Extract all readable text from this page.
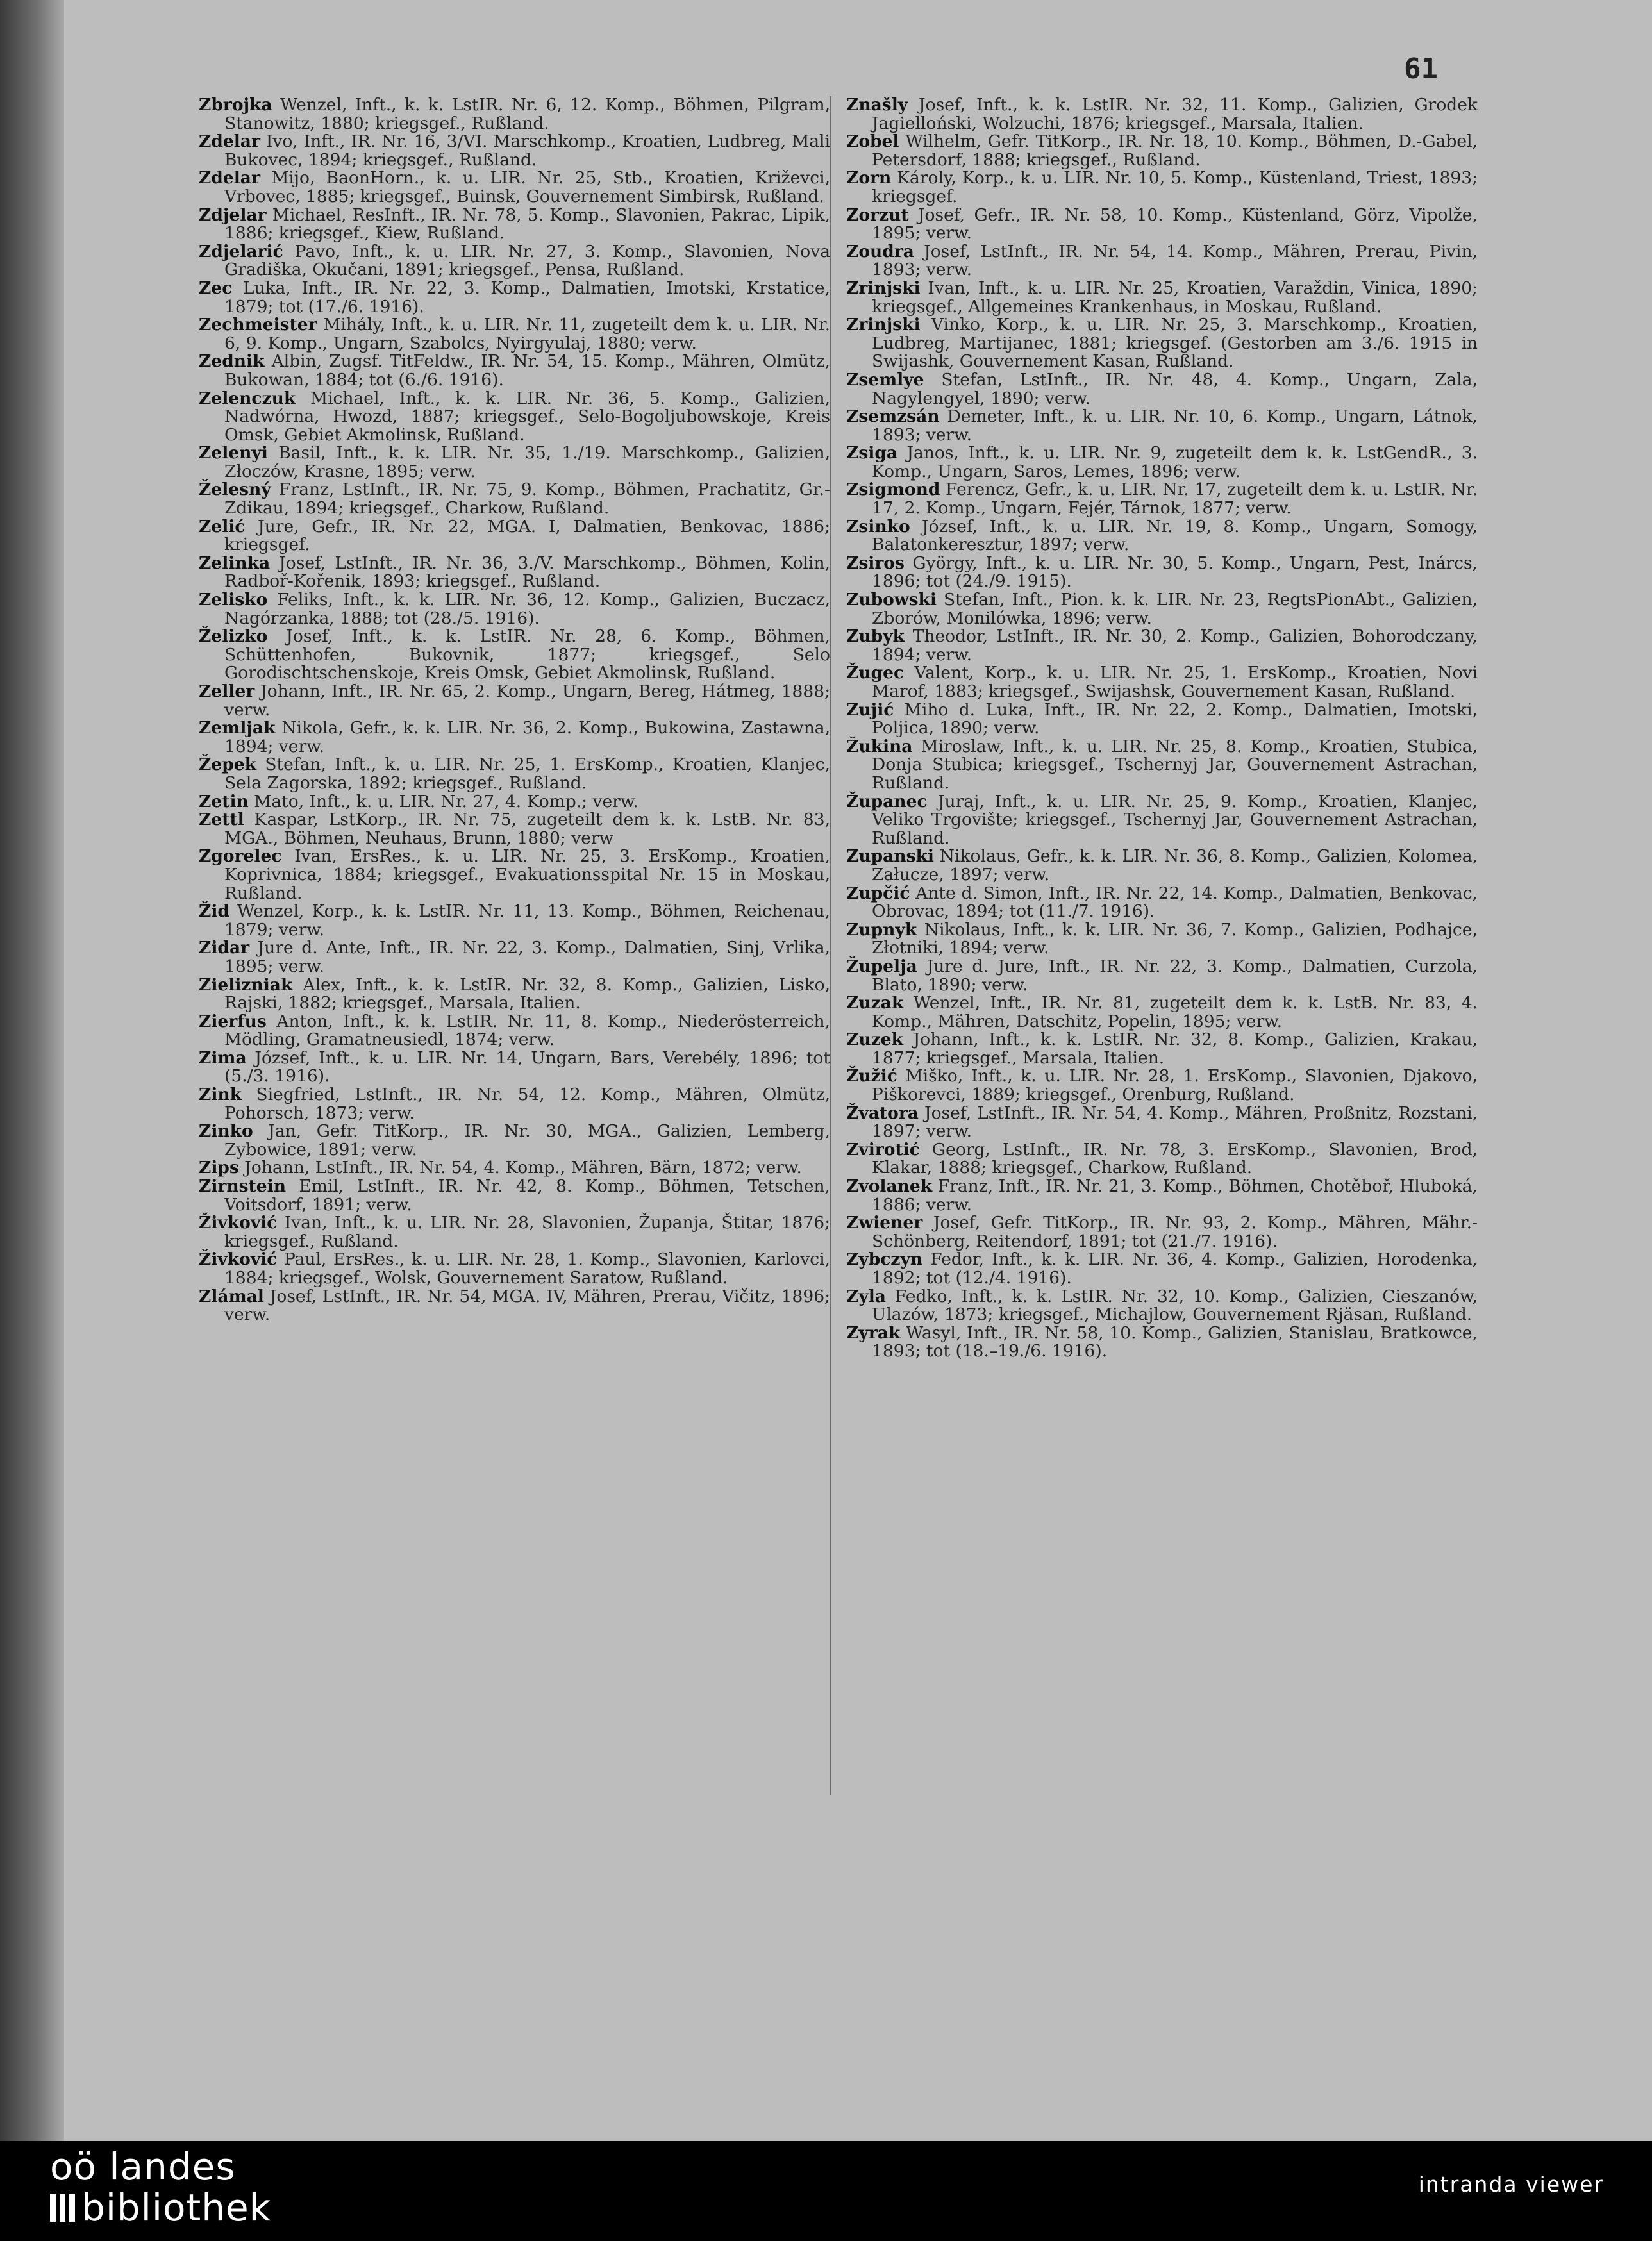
61

Zbrojka Wenzel, Inft., k. k. LstIR. Nr. 6, 12. Komp., Böhmen, Pilgram, Stanowitz, 1880; kriegsgef., Rußland.

Zdelar Ivo, Inft., IR. Nr. 16, 3/VI. Marschkomp., Kroatien, Ludbreg, Mali Bukovec, 1894; kriegsgef., Rußland.

Zdelar Mijo, BaonHorn., k. u. LIR. Nr. 25, Stb., Kroatien, Križevci, Vrbovec, 1885; kriegsgef., Buinsk, Gouvernement Simbirsk, Rußland.

Zdjelar Michael, ResInft., IR. Nr. 78, 5. Komp., Slavonien, Pakrac, Lipik, 1886; kriegsgef., Kiew, Rußland.

Zdjelarić Pavo, Inft., k. u. LIR. Nr. 27, 3. Komp., Slavonien, Nova Gradiška, Okučani, 1891; kriegsgef., Pensa, Rußland.

Zec Luka, Inft., IR. Nr. 22, 3. Komp., Dalmatien, Imotski, Krstatice, 1879; tot (17./6. 1916).

Zechmeister Mihály, Inft., k. u. LIR. Nr. 11, zugeteilt dem k. u. LIR. Nr. 6, 9. Komp., Ungarn, Szabolcs, Nyirgyulaj, 1880; verw.

Zednik Albin, Zugsf. TitFeldw., IR. Nr. 54, 15. Komp., Mähren, Olmütz, Bukowan, 1884; tot (6./6. 1916).

Zelenczuk Michael, Inft., k. k. LIR. Nr. 36, 5. Komp., Galizien, Nadwórna, Hwozd, 1887; kriegsgef., Selo-Bogoljubowskoje, Kreis Omsk, Gebiet Akmolinsk, Rußland.

Zelenyi Basil, Inft., k. k. LIR. Nr. 35, 1./19. Marschkomp., Galizien, Złoczów, Krasne, 1895; verw.

Želesný Franz, LstInft., IR. Nr. 75, 9. Komp., Böhmen, Prachatitz, Gr.-Zdikau, 1894; kriegsgef., Charkow, Rußland.

Zelić Jure, Gefr., IR. Nr. 22, MGA. I, Dalmatien, Benkovac, 1886; kriegsgef.

Zelinka Josef, LstInft., IR. Nr. 36, 3./V. Marschkomp., Böhmen, Kolin, Radboř-Kořenik, 1893; kriegsgef., Rußland.

Zelisko Feliks, Inft., k. k. LIR. Nr. 36, 12. Komp., Galizien, Buczacz, Nagórzanka, 1888; tot (28./5. 1916).

Želizko Josef, Inft., k. k. LstIR. Nr. 28, 6. Komp., Böhmen, Schüttenhofen, Bukovnik, 1877; kriegsgef., Selo Gorodischtschenskoje, Kreis Omsk, Gebiet Akmolinsk, Rußland.

Zeller Johann, Inft., IR. Nr. 65, 2. Komp., Ungarn, Bereg, Hátmeg, 1888; verw.

Zemljak Nikola, Gefr., k. k. LIR. Nr. 36, 2. Komp., Bukowina, Zastawna, 1894; verw.

Žepek Stefan, Inft., k. u. LIR. Nr. 25, 1. ErsKomp., Kroatien, Klanjec, Sela Zagorska, 1892; kriegsgef., Rußland.

Zetin Mato, Inft., k. u. LIR. Nr. 27, 4. Komp.; verw.

Zettl Kaspar, LstKorp., IR. Nr. 75, zugeteilt dem k. k. LstB. Nr. 83, MGA., Böhmen, Neuhaus, Brunn, 1880; verw

Zgorelec Ivan, ErsRes., k. u. LIR. Nr. 25, 3. ErsKomp., Kroatien, Koprivnica, 1884; kriegsgef., Evakuationsspital Nr. 15 in Moskau, Rußland.

Žid Wenzel, Korp., k. k. LstIR. Nr. 11, 13. Komp., Böhmen, Reichenau, 1879; verw.

Zidar Jure d. Ante, Inft., IR. Nr. 22, 3. Komp., Dalmatien, Sinj, Vrlika, 1895; verw.

Zielizniak Alex, Inft., k. k. LstIR. Nr. 32, 8. Komp., Galizien, Lisko, Rajski, 1882; kriegsgef., Marsala, Italien.

Zierfus Anton, Inft., k. k. LstIR. Nr. 11, 8. Komp., Niederösterreich, Mödling, Gramatneusiedl, 1874; verw.

Zima József, Inft., k. u. LIR. Nr. 14, Ungarn, Bars, Verebély, 1896; tot (5./3. 1916).

Zink Siegfried, LstInft., IR. Nr. 54, 12. Komp., Mähren, Olmütz, Pohorsch, 1873; verw.

Zinko Jan, Gefr. TitKorp., IR. Nr. 30, MGA., Galizien, Lemberg, Zybowice, 1891; verw.

Zips Johann, LstInft., IR. Nr. 54, 4. Komp., Mähren, Bärn, 1872; verw.

Zirnstein Emil, LstInft., IR. Nr. 42, 8. Komp., Böhmen, Tetschen, Voitsdorf, 1891; verw.

Živković Ivan, Inft., k. u. LIR. Nr. 28, Slavonien, Županja, Štitar, 1876; kriegsgef., Rußland.

Živković Paul, ErsRes., k. u. LIR. Nr. 28, 1. Komp., Slavonien, Karlovci, 1884; kriegsgef., Wolsk, Gouvernement Saratow, Rußland.

Zlámal Josef, LstInft., IR. Nr. 54, MGA. IV, Mähren, Prerau, Vičitz, 1896; verw.

Znašly Josef, Inft., k. k. LstIR. Nr. 32, 11. Komp., Galizien, Grodek Jagielloński, Wolzuchi, 1876; kriegsgef., Marsala, Italien.

Zobel Wilhelm, Gefr. TitKorp., IR. Nr. 18, 10. Komp., Böhmen, D.-Gabel, Petersdorf, 1888; kriegsgef., Rußland.

Zorn Károly, Korp., k. u. LIR. Nr. 10, 5. Komp., Küstenland, Triest, 1893; kriegsgef.

Zorzut Josef, Gefr., IR. Nr. 58, 10. Komp., Küstenland, Görz, Vipolže, 1895; verw.

Zoudra Josef, LstInft., IR. Nr. 54, 14. Komp., Mähren, Prerau, Pivin, 1893; verw.

Zrinjski Ivan, Inft., k. u. LIR. Nr. 25, Kroatien, Varaždin, Vinica, 1890; kriegsgef., Allgemeines Krankenhaus, in Moskau, Rußland.

Zrinjski Vinko, Korp., k. u. LIR. Nr. 25, 3. Marschkomp., Kroatien, Ludbreg, Martijanec, 1881; kriegsgef. (Gestorben am 3./6. 1915 in Swijashk, Gouvernement Kasan, Rußland.

Zsemlye Stefan, LstInft., IR. Nr. 48, 4. Komp., Ungarn, Zala, Nagylengyel, 1890; verw.

Zsemzsán Demeter, Inft., k. u. LIR. Nr. 10, 6. Komp., Ungarn, Látnok, 1893; verw.

Zsiga Janos, Inft., k. u. LIR. Nr. 9, zugeteilt dem k. k. LstGendR., 3. Komp., Ungarn, Saros, Lemes, 1896; verw.

Zsigmond Ferencz, Gefr., k. u. LIR. Nr. 17, zugeteilt dem k. u. LstIR. Nr. 17, 2. Komp., Ungarn, Fejér, Tárnok, 1877; verw.

Zsinko József, Inft., k. u. LIR. Nr. 19, 8. Komp., Ungarn, Somogy, Balatonkeresztur, 1897; verw.

Zsiros György, Inft., k. u. LIR. Nr. 30, 5. Komp., Ungarn, Pest, Inárcs, 1896; tot (24./9. 1915).

Zubowski Stefan, Inft., Pion. k. k. LIR. Nr. 23, RegtsPionAbt., Galizien, Zborów, Monilówka, 1896; verw.

Zubyk Theodor, LstInft., IR. Nr. 30, 2. Komp., Galizien, Bohorodczany, 1894; verw.

Žugec Valent, Korp., k. u. LIR. Nr. 25, 1. ErsKomp., Kroatien, Novi Marof, 1883; kriegsgef., Swijashsk, Gouvernement Kasan, Rußland.

Zujić Miho d. Luka, Inft., IR. Nr. 22, 2. Komp., Dalmatien, Imotski, Poljica, 1890; verw.

Žukina Miroslaw, Inft., k. u. LIR. Nr. 25, 8. Komp., Kroatien, Stubica, Donja Stubica; kriegsgef., Tschernyj Jar, Gouvernement Astrachan, Rußland.

Županec Juraj, Inft., k. u. LIR. Nr. 25, 9. Komp., Kroatien, Klanjec, Veliko Trgovište; kriegsgef., Tschernyj Jar, Gouvernement Astrachan, Rußland.

Zupanski Nikolaus, Gefr., k. k. LIR. Nr. 36, 8. Komp., Galizien, Kolomea, Załucze, 1897; verw.

Zupčić Ante d. Simon, Inft., IR. Nr. 22, 14. Komp., Dalmatien, Benkovac, Obrovac, 1894; tot (11./7. 1916).

Zupnyk Nikolaus, Inft., k. k. LIR. Nr. 36, 7. Komp., Galizien, Podhajce, Złotniki, 1894; verw.

Župelja Jure d. Jure, Inft., IR. Nr. 22, 3. Komp., Dalmatien, Curzola, Blato, 1890; verw.

Zuzak Wenzel, Inft., IR. Nr. 81, zugeteilt dem k. k. LstB. Nr. 83, 4. Komp., Mähren, Datschitz, Popelin, 1895; verw.

Zuzek Johann, Inft., k. k. LstIR. Nr. 32, 8. Komp., Galizien, Krakau, 1877; kriegsgef., Marsala, Italien.

Žužić Miško, Inft., k. u. LIR. Nr. 28, 1. ErsKomp., Slavonien, Djakovo, Piškorevci, 1889; kriegsgef., Orenburg, Rußland.

Žvatora Josef, LstInft., IR. Nr. 54, 4. Komp., Mähren, Proßnitz, Rozstani, 1897; verw.

Zvirotić Georg, LstInft., IR. Nr. 78, 3. ErsKomp., Slavonien, Brod, Klakar, 1888; kriegsgef., Charkow, Rußland.

Zvolanek Franz, Inft., IR. Nr. 21, 3. Komp., Böhmen, Chotěboř, Hluboká, 1886; verw.

Zwiener Josef, Gefr. TitKorp., IR. Nr. 93, 2. Komp., Mähren, Mähr.-Schönberg, Reitendorf, 1891; tot (21./7. 1916).

Zybczyn Fedor, Inft., k. k. LIR. Nr. 36, 4. Komp., Galizien, Horodenka, 1892; tot (12./4. 1916).

Zyla Fedko, Inft., k. k. LstIR. Nr. 32, 10. Komp., Galizien, Cieszanów, Ulazów, 1873; kriegsgef., Michajlow, Gouvernement Rjäsan, Rußland.

Zyrak Wasyl, Inft., IR. Nr. 58, 10. Komp., Galizien, Stanislau, Bratkowce, 1893; tot (18.–19./6. 1916).

oö landes
bibliothek
intranda viewer
